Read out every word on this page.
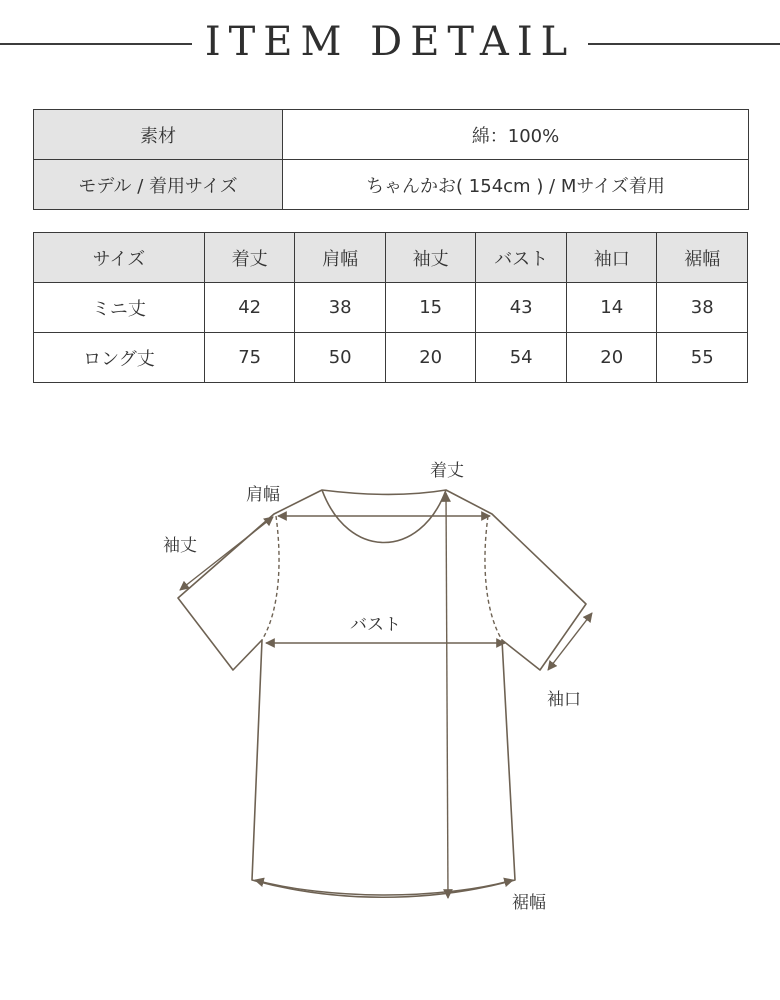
ITEM DETAIL
素材	綿：100%
モデル / 着用サイズ	ちゃんかお( 154cm ) / Mサイズ着用
サイズ	着丈	肩幅	袖丈	バスト	袖口	裾幅
ミニ丈	42	38	15	43	14	38
ロング丈	75	50	20	54	20	55
着丈
肩幅
袖丈
バスト
袖口
裾幅
